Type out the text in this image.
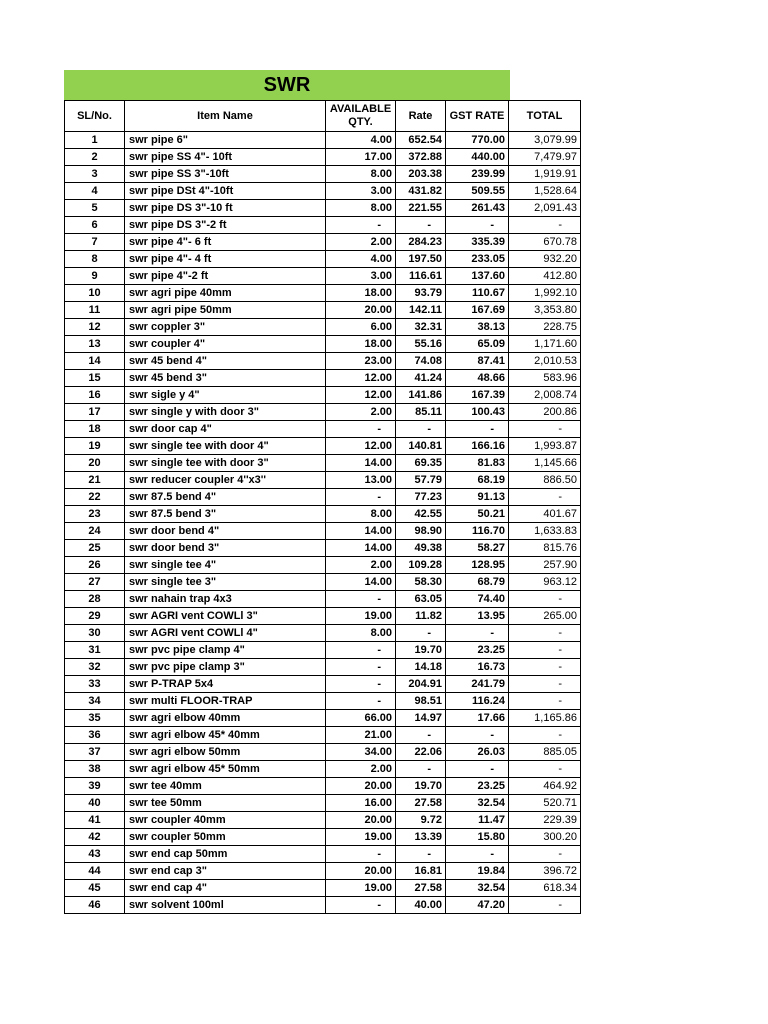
SWR
SL/No.	Item Name	AVAILABLE QTY.	Rate	GST RATE	TOTAL
1	swr pipe 6"	4.00	652.54	770.00	3,079.99
2	swr pipe SS 4"- 10ft	17.00	372.88	440.00	7,479.97
3	swr pipe SS 3"-10ft	8.00	203.38	239.99	1,919.91
4	swr pipe DSt 4"-10ft	3.00	431.82	509.55	1,528.64
5	swr pipe DS 3"-10 ft	8.00	221.55	261.43	2,091.43
6	swr pipe DS 3"-2 ft	-	-	-	-
7	swr pipe 4"- 6 ft	2.00	284.23	335.39	670.78
8	swr pipe 4"- 4 ft	4.00	197.50	233.05	932.20
9	swr pipe 4"-2 ft	3.00	116.61	137.60	412.80
10	swr agri pipe 40mm	18.00	93.79	110.67	1,992.10
11	swr agri pipe 50mm	20.00	142.11	167.69	3,353.80
12	swr coppler 3"	6.00	32.31	38.13	228.75
13	swr coupler 4"	18.00	55.16	65.09	1,171.60
14	swr 45 bend 4"	23.00	74.08	87.41	2,010.53
15	swr 45 bend 3"	12.00	41.24	48.66	583.96
16	swr sigle y 4"	12.00	141.86	167.39	2,008.74
17	swr single y with door 3"	2.00	85.11	100.43	200.86
18	swr door cap 4"	-	-	-	-
19	swr single tee with door 4"	12.00	140.81	166.16	1,993.87
20	swr single tee with door 3"	14.00	69.35	81.83	1,145.66
21	swr reducer coupler 4''x3''	13.00	57.79	68.19	886.50
22	swr 87.5 bend 4"	-	77.23	91.13	-
23	swr 87.5 bend 3"	8.00	42.55	50.21	401.67
24	swr door bend 4"	14.00	98.90	116.70	1,633.83
25	swr door bend 3"	14.00	49.38	58.27	815.76
26	swr single tee 4"	2.00	109.28	128.95	257.90
27	swr single tee 3"	14.00	58.30	68.79	963.12
28	swr nahain trap 4x3	-	63.05	74.40	-
29	swr AGRI vent COWLl 3"	19.00	11.82	13.95	265.00
30	swr AGRI vent COWLl 4"	8.00	-	-	-
31	swr pvc pipe clamp 4"	-	19.70	23.25	-
32	swr pvc pipe clamp 3"	-	14.18	16.73	-
33	swr P-TRAP 5x4	-	204.91	241.79	-
34	swr multi FLOOR-TRAP	-	98.51	116.24	-
35	swr agri elbow 40mm	66.00	14.97	17.66	1,165.86
36	swr agri elbow 45* 40mm	21.00	-	-	-
37	swr agri elbow 50mm	34.00	22.06	26.03	885.05
38	swr agri elbow 45* 50mm	2.00	-	-	-
39	swr tee 40mm	20.00	19.70	23.25	464.92
40	swr tee 50mm	16.00	27.58	32.54	520.71
41	swr coupler 40mm	20.00	9.72	11.47	229.39
42	swr coupler 50mm	19.00	13.39	15.80	300.20
43	swr end cap 50mm	-	-	-	-
44	swr end cap 3"	20.00	16.81	19.84	396.72
45	swr end cap 4"	19.00	27.58	32.54	618.34
46	swr solvent 100ml	-	40.00	47.20	-
